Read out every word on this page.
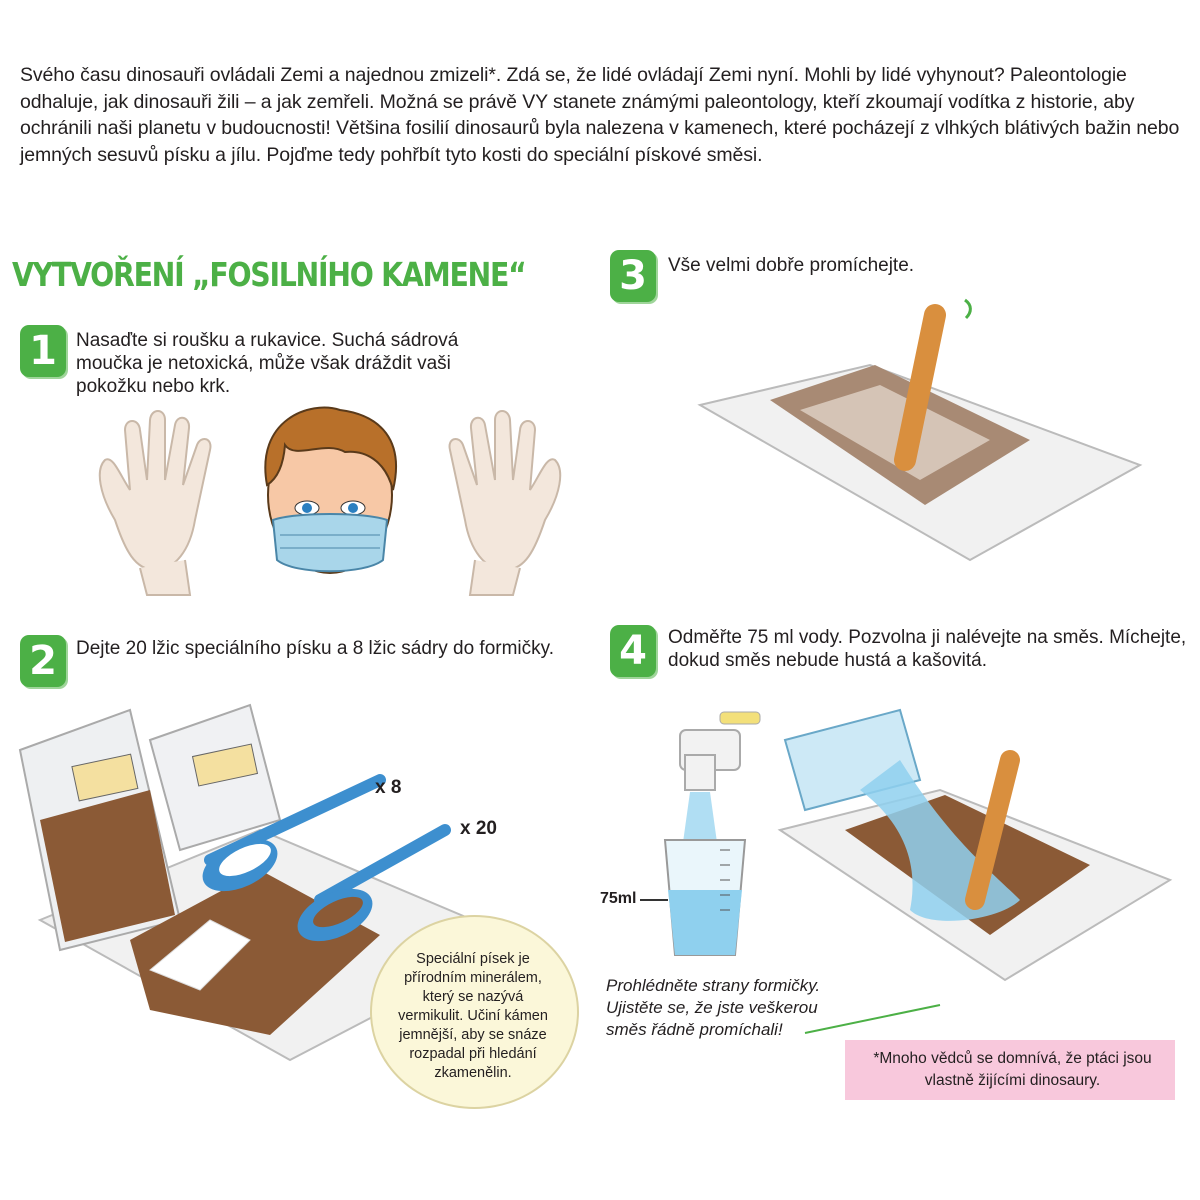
Svého času dinosauři ovládali Zemi a najednou zmizeli*. Zdá se, že lidé ovládají Zemi nyní. Mohli by lidé vyhynout? Paleontologie odhaluje, jak dinosauři žili – a jak zemřeli. Možná se právě VY stanete známými paleontology, kteří zkoumají vodítka z historie, aby ochránili naši planetu v budoucnosti! Většina fosilií dinosaurů byla nalezena v kamenech, které pocházejí z vlhkých blátivých bažin nebo jemných sesuvů písku a jílu. Pojďme tedy pohřbít tyto kosti do speciální pískové směsi.
VYTVOŘENÍ „FOSILNÍHO KAMENE“
1	Nasaďte si roušku a rukavice. Suchá sádrová moučka je netoxická, může však dráždit vaši pokožku nebo krk.
2	Dejte 20 lžic speciálního písku a 8 lžic sádry do formičky.
x 8
x 20
Speciální písek je přírodním minerálem, který se nazývá vermikulit. Učiní kámen jemnější, aby se snáze rozpadal při hledání zkamenělin.
3	Vše velmi dobře promíchejte.
4	Odměřte 75 ml vody. Pozvolna ji nalévejte na směs. Míchejte, dokud směs nebude hustá a kašovitá.
75ml
Prohlédněte strany formičky. Ujistěte se, že jste veškerou směs řádně promíchali!
*Mnoho vědců se domnívá, že ptáci jsou vlastně žijícími dinosaury.
